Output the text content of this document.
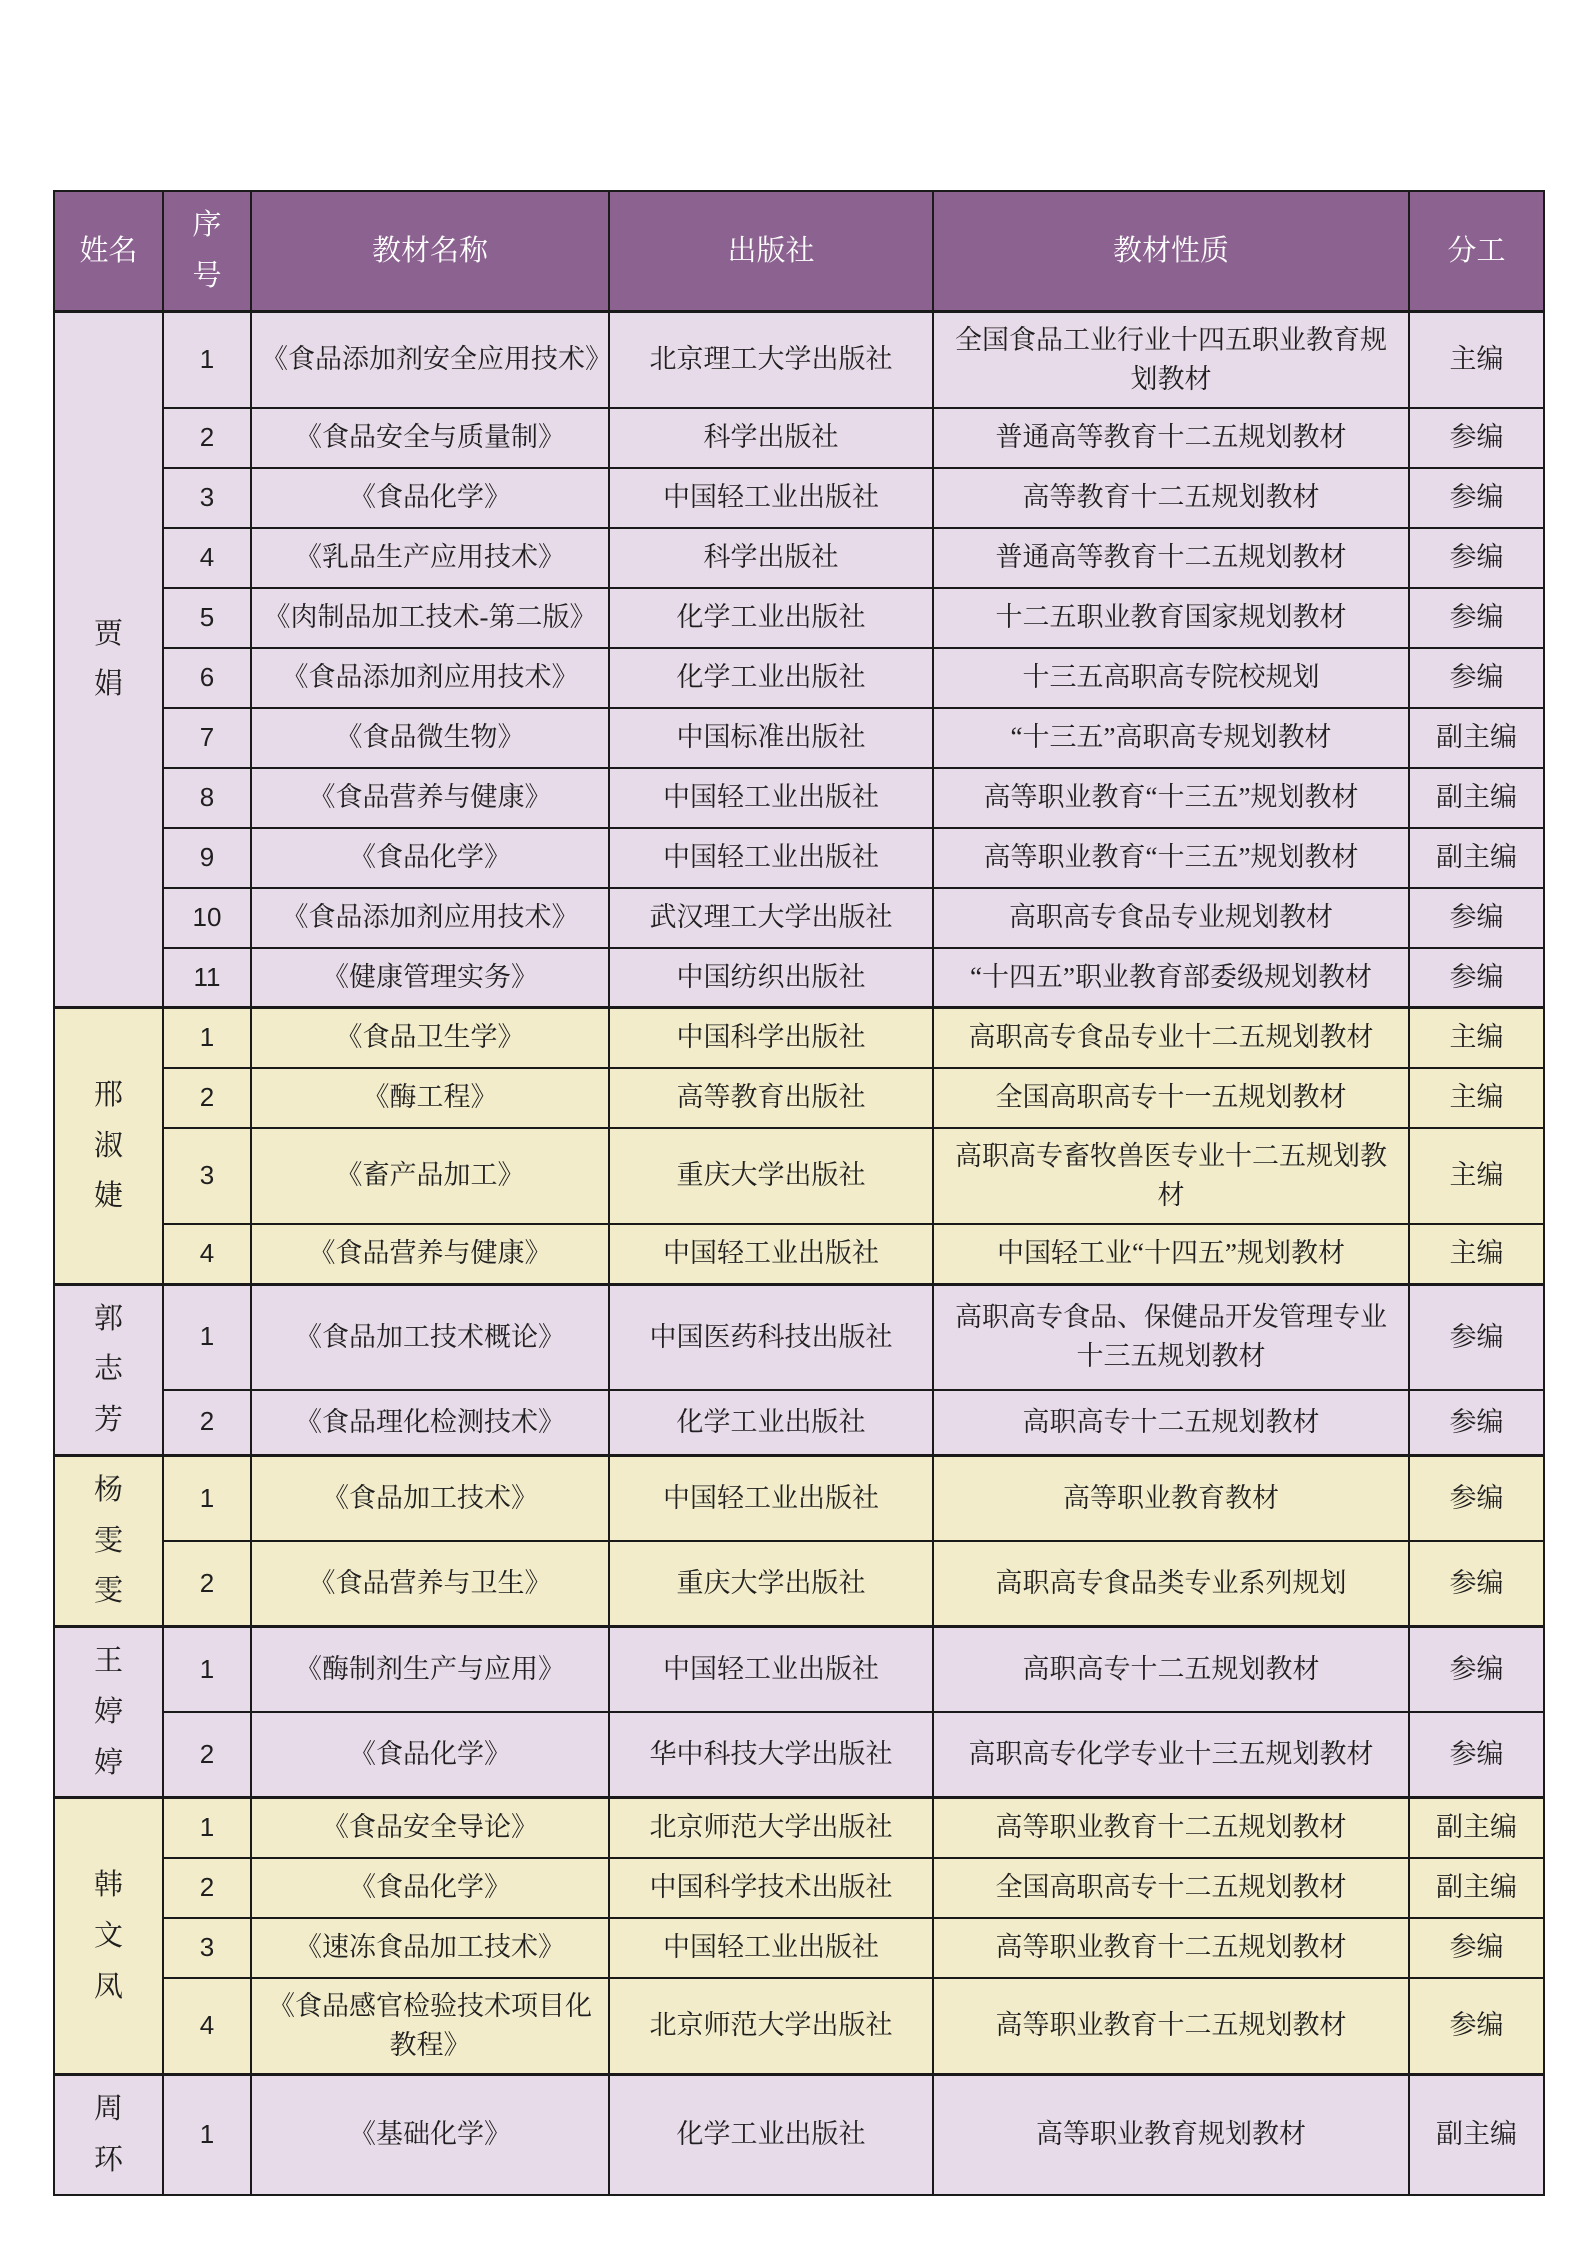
姓名	序号	教材名称	出版社	教材性质	分工
贾娟	1	《食品添加剂安全应用技术》	北京理工大学出版社	全国食品工业行业十四五职业教育规划教材	主编
	2	《食品安全与质量制》	科学出版社	普通高等教育十二五规划教材	参编
	3	《食品化学》	中国轻工业出版社	高等教育十二五规划教材	参编
	4	《乳品生产应用技术》	科学出版社	普通高等教育十二五规划教材	参编
	5	《肉制品加工技术-第二版》	化学工业出版社	十二五职业教育国家规划教材	参编
	6	《食品添加剂应用技术》	化学工业出版社	十三五高职高专院校规划	参编
	7	《食品微生物》	中国标准出版社	“十三五”高职高专规划教材	副主编
	8	《食品营养与健康》	中国轻工业出版社	高等职业教育“十三五”规划教材	副主编
	9	《食品化学》	中国轻工业出版社	高等职业教育“十三五”规划教材	副主编
	10	《食品添加剂应用技术》	武汉理工大学出版社	高职高专食品专业规划教材	参编
	11	《健康管理实务》	中国纺织出版社	“十四五”职业教育部委级规划教材	参编
邢淑婕	1	《食品卫生学》	中国科学出版社	高职高专食品专业十二五规划教材	主编
	2	《酶工程》	高等教育出版社	全国高职高专十一五规划教材	主编
	3	《畜产品加工》	重庆大学出版社	高职高专畜牧兽医专业十二五规划教材	主编
	4	《食品营养与健康》	中国轻工业出版社	中国轻工业“十四五”规划教材	主编
郭志芳	1	《食品加工技术概论》	中国医药科技出版社	高职高专食品、保健品开发管理专业十三五规划教材	参编
	2	《食品理化检测技术》	化学工业出版社	高职高专十二五规划教材	参编
杨雯雯	1	《食品加工技术》	中国轻工业出版社	高等职业教育教材	参编
	2	《食品营养与卫生》	重庆大学出版社	高职高专食品类专业系列规划	参编
王婷婷	1	《酶制剂生产与应用》	中国轻工业出版社	高职高专十二五规划教材	参编
	2	《食品化学》	华中科技大学出版社	高职高专化学专业十三五规划教材	参编
韩文凤	1	《食品安全导论》	北京师范大学出版社	高等职业教育十二五规划教材	副主编
	2	《食品化学》	中国科学技术出版社	全国高职高专十二五规划教材	副主编
	3	《速冻食品加工技术》	中国轻工业出版社	高等职业教育十二五规划教材	参编
	4	《食品感官检验技术项目化教程》	北京师范大学出版社	高等职业教育十二五规划教材	参编
周环	1	《基础化学》	化学工业出版社	高等职业教育规划教材	副主编
